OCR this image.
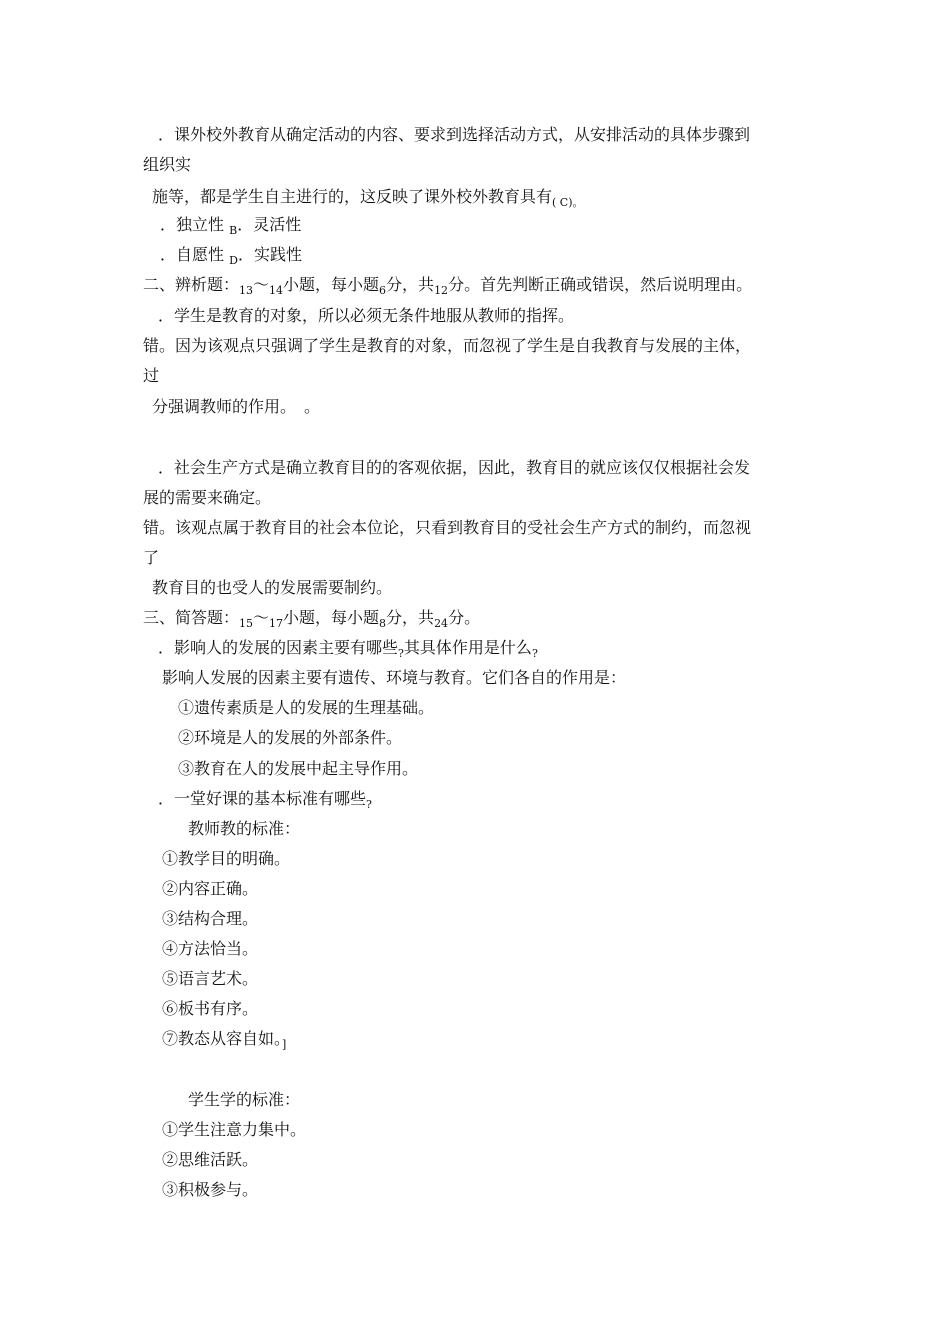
．课外校外教育从确定活动的内容、要求到选择活动方式，从安排活动的具体步骤到
组织实
施等，都是学生自主进行的，这反映了课外校外教育具有$_{( C)。}$
．独立性 $_B$．灵活性
．自愿性 $_D$．实践性
二、辨析题：$_{13}\sim_{14}$小题，每小题$_6$分，共$_{12}$分。首先判断正确或错误，然后说明理由。
．学生是教育的对象，所以必须无条件地服从教师的指挥。
错。因为该观点只强调了学生是教育的对象，而忽视了学生是自我教育与发展的主体，
过
分强调教师的作用。　。
．社会生产方式是确立教育目的的客观依据，因此，教育目的就应该仅仅根据社会发
展的需要来确定。
错。该观点属于教育目的社会本位论，只看到教育目的受社会生产方式的制约，而忽视
了
教育目的也受人的发展需要制约。
三、简答题：$_{15}\sim_{17}$小题，每小题$_8$分，共$_{24}$分。
．影响人的发展的因素主要有哪些$_?$其具体作用是什么$_?$
影响人发展的因素主要有遗传、环境与教育。它们各自的作用是：
①遗传素质是人的发展的生理基础。
②环境是人的发展的外部条件。
③教育在人的发展中起主导作用。
．一堂好课的基本标准有哪些$_?$
教师教的标准：
①教学目的明确。
②内容正确。
③结构合理。
④方法恰当。
⑤语言艺术。
⑥板书有序。
⑦教态从容自如。$_]$
学生学的标准：
①学生注意力集中。
②思维活跃。
③积极参与。
